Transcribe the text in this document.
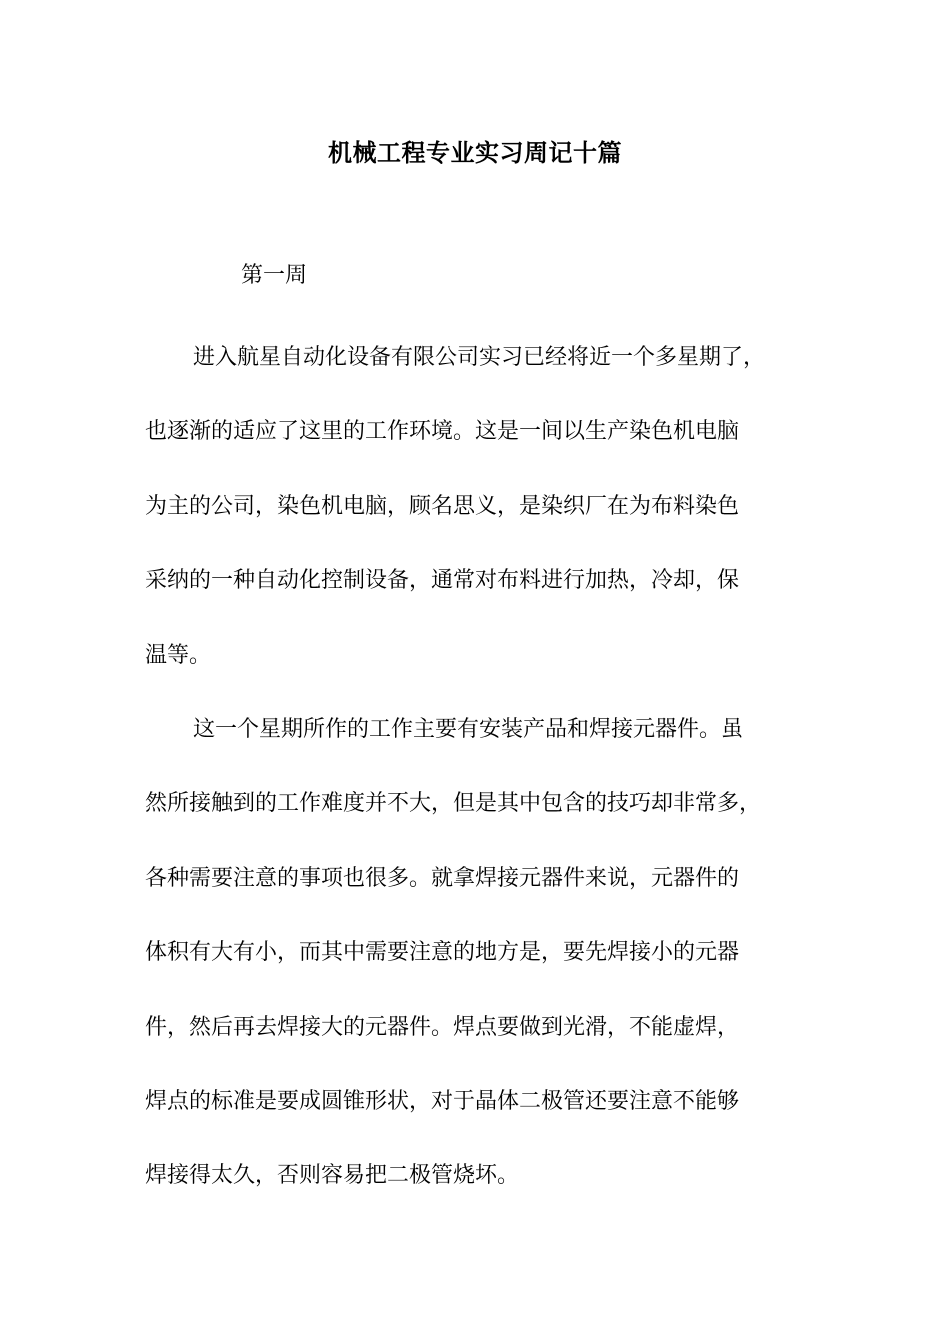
机械工程专业实习周记十篇
第一周
进入航星自动化设备有限公司实习已经将近一个多星期了，
也逐渐的适应了这里的工作环境。这是一间以生产染色机电脑
为主的公司，染色机电脑，顾名思义，是染织厂在为布料染色
采纳的一种自动化控制设备，通常对布料进行加热，冷却，保
温等。
这一个星期所作的工作主要有安装产品和焊接元器件。虽
然所接触到的工作难度并不大，但是其中包含的技巧却非常多，
各种需要注意的事项也很多。就拿焊接元器件来说，元器件的
体积有大有小，而其中需要注意的地方是，要先焊接小的元器
件，然后再去焊接大的元器件。焊点要做到光滑，不能虚焊，
焊点的标准是要成圆锥形状，对于晶体二极管还要注意不能够
焊接得太久，否则容易把二极管烧坏。
